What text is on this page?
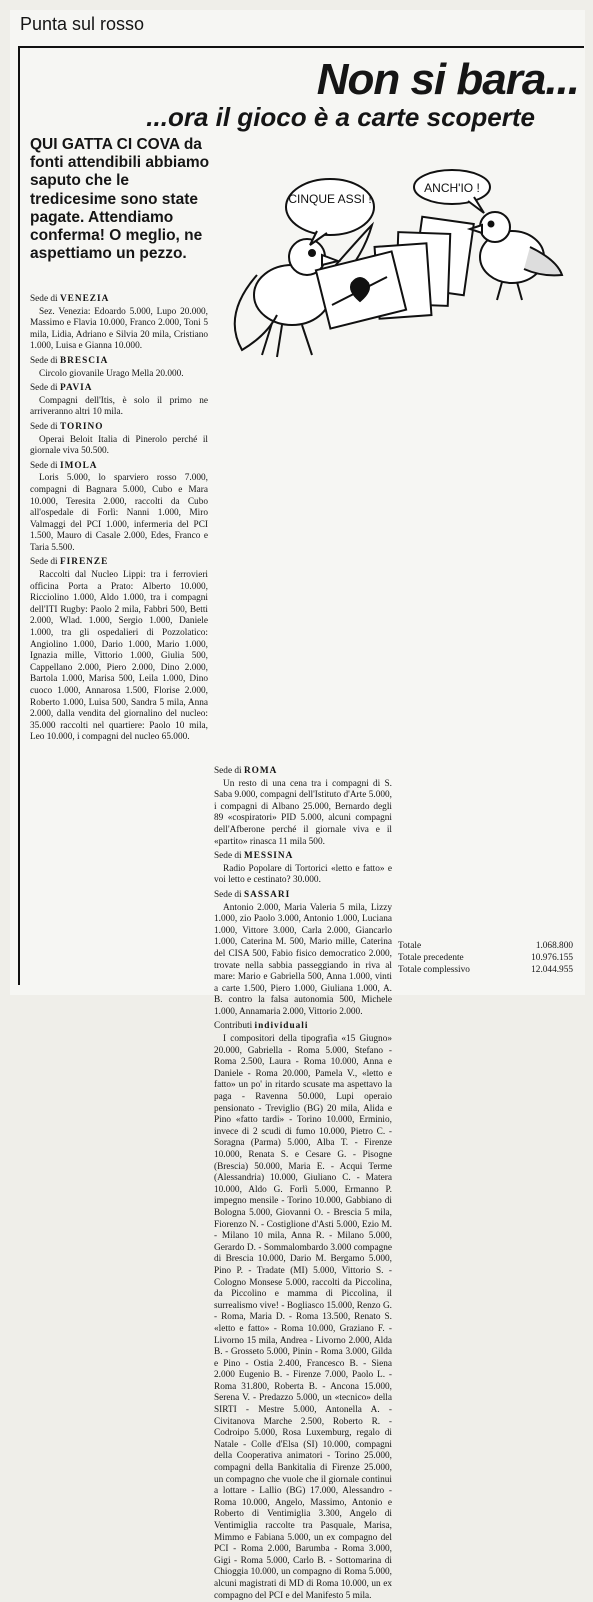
Punta sul rosso
Non si bara...
...ora il gioco è a carte scoperte
QUI GATTA CI COVA da fonti attendibili abbiamo saputo che le tredicesime sono state pagate. Attendiamo conferma! O meglio, ne aspettiamo un pezzo.
CINQUE ASSI !
ANCH'IO !
Sede di VENEZIA

Sez. Venezia: Edoardo 5.000, Lupo 20.000, Massimo e Flavia 10.000, Franco 2.000, Toni 5 mila, Lidia, Adriano e Silvia 20 mila, Cristiano 1.000, Luisa e Gianna 10.000.

Sede di BRESCIA

Circolo giovanile Urago Mella 20.000.

Sede di PAVIA

Compagni dell'Itis, è solo il primo ne arriveranno altri 10 mila.

Sede di TORINO

Operai Beloit Italia di Pinerolo perché il giornale viva 50.500.

Sede di IMOLA

Loris 5.000, lo sparviero rosso 7.000, compagni di Bagnara 5.000, Cubo e Mara 10.000, Teresita 2.000, raccolti da Cubo all'ospedale di Forlì: Nanni 1.000, Miro Valmaggi del PCI 1.000, infermeria del PCI 1.500, Mauro di Casale 2.000, Edes, Franco e Taria 5.500.

Sede di FIRENZE

Raccolti dal Nucleo Lippi: tra i ferrovieri officina Porta a Prato: Alberto 10.000, Ricciolino 1.000, Aldo 1.000, tra i compagni dell'ITI Rugby: Paolo 2 mila, Fabbri 500, Betti 2.000, Wlad. 1.000, Sergio 1.000, Daniele 1.000, tra gli ospedalieri di Pozzolatico: Angiolino 1.000, Dario 1.000, Mario 1.000, Ignazia mille, Vittorio 1.000, Giulia 500, Cappellano 2.000, Piero 2.000, Dino 2.000, Bartola 1.000, Marisa 500, Leila 1.000, Dino cuoco 1.000, Annarosa 1.500, Florise 2.000, Roberto 1.000, Luisa 500, Sandra 5 mila, Anna 2.000, dalla vendita del giornalino del nucleo: 35.000 raccolti nel quartiere: Paolo 10 mila, Leo 10.000, i compagni del nucleo 65.000.

Sede di ROMA

Un resto di una cena tra i compagni di S. Saba 9.000, compagni dell'Istituto d'Arte 5.000, i compagni di Albano 25.000, Bernardo degli 89 «cospiratori» PID 5.000, alcuni compagni dell'Afberone perché il giornale viva e il «partito» rinasca 11 mila 500.

Sede di MESSINA

Radio Popolare di Tortorici «letto e fatto» e voi letto e cestinato? 30.000.

Sede di SASSARI

Antonio 2.000, Maria Valeria 5 mila, Lizzy 1.000, zio Paolo 3.000, Antonio 1.000, Luciana 1.000, Vittore 3.000, Carla 2.000, Giancarlo 1.000, Caterina M. 500, Mario mille, Caterina del CISA 500, Fabio fisico democratico 2.000, trovate nella sabbia passeggiando in riva al mare: Mario e Gabriella 500, Anna 1.000, vinti a carte 1.500, Piero 1.000, Giuliana 1.000, A. B. contro la falsa autonomia 500, Michele 1.000, Annamaria 2.000, Vittorio 2.000.

Contributi individuali

I compositori della tipografia «15 Giugno» 20.000, Gabriella - Roma 5.000, Stefano - Roma 2.500, Laura - Roma 10.000, Anna e Daniele - Roma 20.000, Pamela V., «letto e fatto» un po' in ritardo scusate ma aspettavo la paga - Ravenna 50.000, Lupi operaio pensionato - Treviglio (BG) 20 mila, Alida e Pino «fatto tardi» - Torino 10.000, Erminio, invece di 2 scudi di fumo 10.000, Pietro C. - Soragna (Parma) 5.000, Alba T. - Firenze 10.000, Renata S. e Cesare G. - Pisogne (Brescia) 50.000, Maria E. - Acqui Terme (Alessandria) 10.000, Giuliano C. - Matera 10.000, Aldo G. Forlì 5.000, Ermanno P. impegno mensile - Torino 10.000, Gabbiano di Bologna 5.000, Giovanni O. - Brescia 5 mila, Fiorenzo N. - Costiglione d'Asti 5.000, Ezio M. - Milano 10 mila, Anna R. - Milano 5.000, Gerardo D. - Sommalombardo 3.000 compagne di Brescia 10.000, Dario M. Bergamo 5.000, Pino P. - Tradate (MI) 5.000, Vittorio S. - Cologno Monsese 5.000, raccolti da Piccolina, da Piccolino e mamma di Piccolina, il surrealismo vive! - Bogliasco 15.000, Renzo G. - Roma, Maria D. - Roma 13.500, Renato S. «letto e fatto» - Roma 10.000, Graziano F. - Livorno 15 mila, Andrea - Livorno 2.000, Alda B. - Grosseto 5.000, Pinin - Roma 3.000, Gilda e Pino - Ostia 2.400, Francesco B. - Siena 2.000 Eugenio B. - Firenze 7.000, Paolo L. - Roma 31.800, Roberta B. - Ancona 15.000, Serena V. - Predazzo 5.000, un «tecnico» della SIRTI - Mestre 5.000, Antonella A. - Civitanova Marche 2.500, Roberto R. - Codroipo 5.000, Rosa Luxemburg, regalo di Natale - Colle d'Elsa (SI) 10.000, compagni della Cooperativa animatori - Torino 25.000, compagni della Bankitalia di Firenze 25.000, un compagno che vuole che il giornale continui a lottare - Lallio (BG) 17.000, Alessandro - Roma 10.000, Angelo, Massimo, Antonio e Roberto di Ventimiglia 3.300, Angelo di Ventimiglia raccolte tra Pasquale, Marisa, Mimmo e Fabiana 5.000, un ex compagno del PCI - Roma 2.000, Barumba - Roma 3.000, Gigi - Roma 5.000, Carlo B. - Sottomarina di Chioggia 10.000, un compagno di Roma 5.000, alcuni magistrati di MD di Roma 10.000, un ex compagno del PCI e del Manifesto 5 mila.

Totale	1.068.800
Totale precedente	10.976.155
Totale complessivo	12.044.955
